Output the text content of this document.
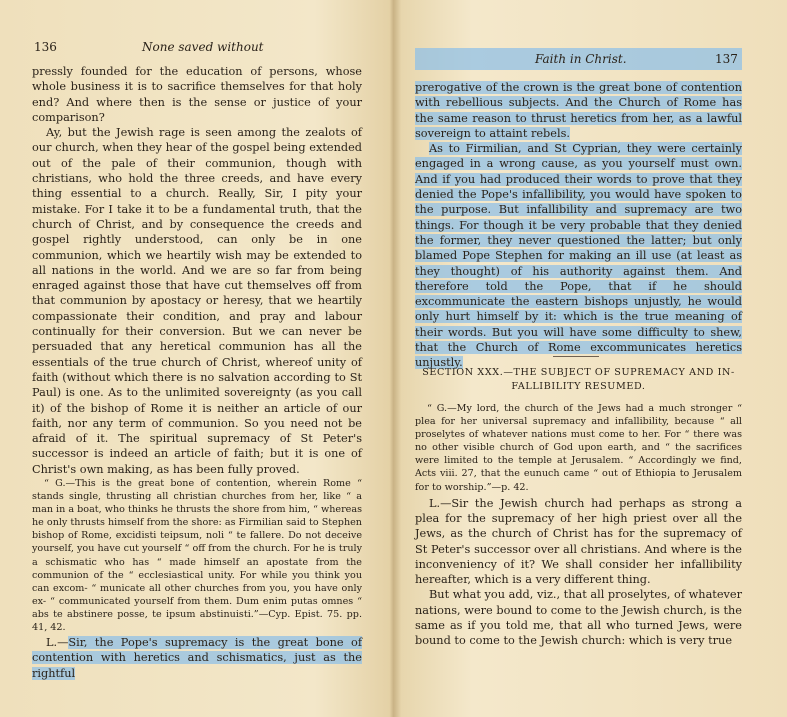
136	None saved without

pressly founded for the education of persons, whose whole business it is to sacrifice themselves for that holy end? And where then is the sense or justice of your comparison?

Ay, but the Jewish rage is seen among the zealots of our church, when they hear of the gospel being extended out of the pale of their communion, though with christians, who hold the three creeds, and have every thing essential to a church. Really, Sir, I pity your mistake. For I take it to be a fundamental truth, that the church of Christ, and by consequence the creeds and gospel rightly understood, can only be in one communion, which we heartily wish may be extended to all nations in the world. And we are so far from being enraged against those that have cut themselves off from that communion by apostacy or heresy, that we heartily compassionate their condition, and pray and labour continually for their conversion. But we can never be persuaded that any heretical communion has all the essentials of the true church of Christ, whereof unity of faith (without which there is no salvation according to St Paul) is one. As to the unlimited sovereignty (as you call it) of the bishop of Rome it is neither an article of our faith, nor any term of communion. So you need not be afraid of it. The spiritual supremacy of St Peter's successor is indeed an article of faith; but it is one of Christ's own making, as has been fully proved.

“ G.—This is the great bone of contention, wherein Rome “ stands single, thrusting all christian churches from her, like “ a man in a boat, who thinks he thrusts the shore from him, “ whereas he only thrusts himself from the shore: as Firmilian said to Stephen bishop of Rome, excidisti teipsum, noli “ te fallere. Do not deceive yourself, you have cut yourself “ off from the church. For he is truly a schismatic who has “ made himself an apostate from the communion of the “ ecclesiastical unity. For while you think you can excom- “ municate all other churches from you, you have only ex- “ communicated yourself from them. Dum enim putas omnes “ abs te abstinere posse, te ipsum abstinuisti.”—Cyp. Epist. 75. pp. 41, 42.

L.—Sir, the Pope's supremacy is the great bone of contention with heretics and schismatics, just as the rightful

Faith in Christ.	137

prerogative of the crown is the great bone of contention with rebellious subjects. And the Church of Rome has the same reason to thrust heretics from her, as a lawful sovereign to attaint rebels.

As to Firmilian, and St Cyprian, they were certainly engaged in a wrong cause, as you yourself must own. And if you had produced their words to prove that they denied the Pope's infallibility, you would have spoken to the purpose. But infallibility and supremacy are two things. For though it be very probable that they denied the former, they never questioned the latter; but only blamed Pope Stephen for making an ill use (at least as they thought) of his authority against them. And therefore told the Pope, that if he should excommunicate the eastern bishops unjustly, he would only hurt himself by it: which is the true meaning of their words. But you will have some difficulty to shew, that the Church of Rome excommunicates heretics unjustly.

SECTION XXX.—THE SUBJECT OF SUPREMACY AND IN-
FALLIBILITY RESUMED.

“ G.—My lord, the church of the Jews had a much stronger “ plea for her universal supremacy and infallibility, because “ all proselytes of whatever nations must come to her. For “ there was no other visible church of God upon earth, and “ the sacrifices were limited to the temple at Jerusalem. “ Accordingly we find, Acts viii. 27, that the eunuch came “ out of Ethiopia to Jerusalem for to worship.”—p. 42.

L.—Sir the Jewish church had perhaps as strong a plea for the supremacy of her high priest over all the Jews, as the church of Christ has for the supremacy of St Peter's successor over all christians. And where is the inconveniency of it? We shall consider her infallibility hereafter, which is a very different thing.

But what you add, viz., that all proselytes, of whatever nations, were bound to come to the Jewish church, is the same as if you told me, that all who turned Jews, were bound to come to the Jewish church: which is very true
